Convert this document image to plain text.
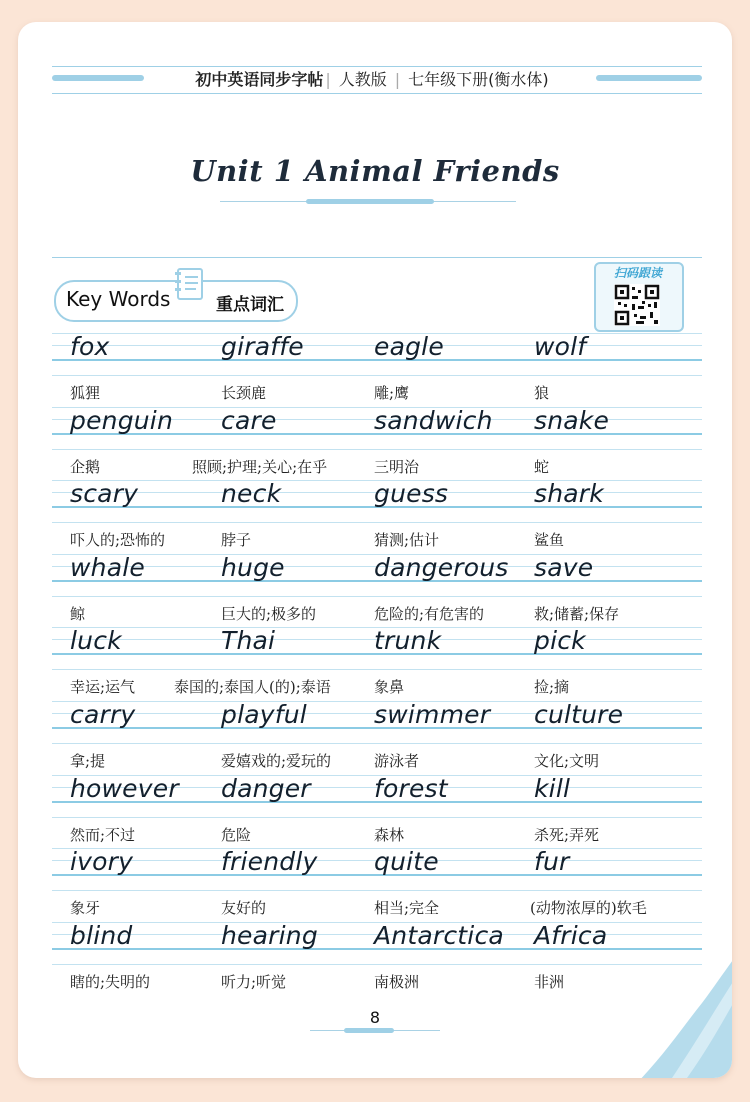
初中英语同步字帖 | 人教版 | 七年级下册(衡水体)
Unit 1 Animal Friends
Key Words	重点词汇
扫码跟读
fox
狐狸
giraffe
长颈鹿
eagle
雕;鹰
wolf
狼
penguin
企鹅
care
照顾;护理;关心;在乎
sandwich
三明治
snake
蛇
scary
吓人的;恐怖的
neck
脖子
guess
猜测;估计
shark
鲨鱼
whale
鲸
huge
巨大的;极多的
dangerous
危险的;有危害的
save
救;储蓄;保存
luck
幸运;运气
Thai
泰国的;泰国人(的);泰语
trunk
象鼻
pick
捡;摘
carry
拿;提
playful
爱嬉戏的;爱玩的
swimmer
游泳者
culture
文化;文明
however
然而;不过
danger
危险
forest
森林
kill
杀死;弄死
ivory
象牙
friendly
友好的
quite
相当;完全
fur
(动物浓厚的)软毛
blind
瞎的;失明的
hearing
听力;听觉
Antarctica
南极洲
Africa
非洲
8
